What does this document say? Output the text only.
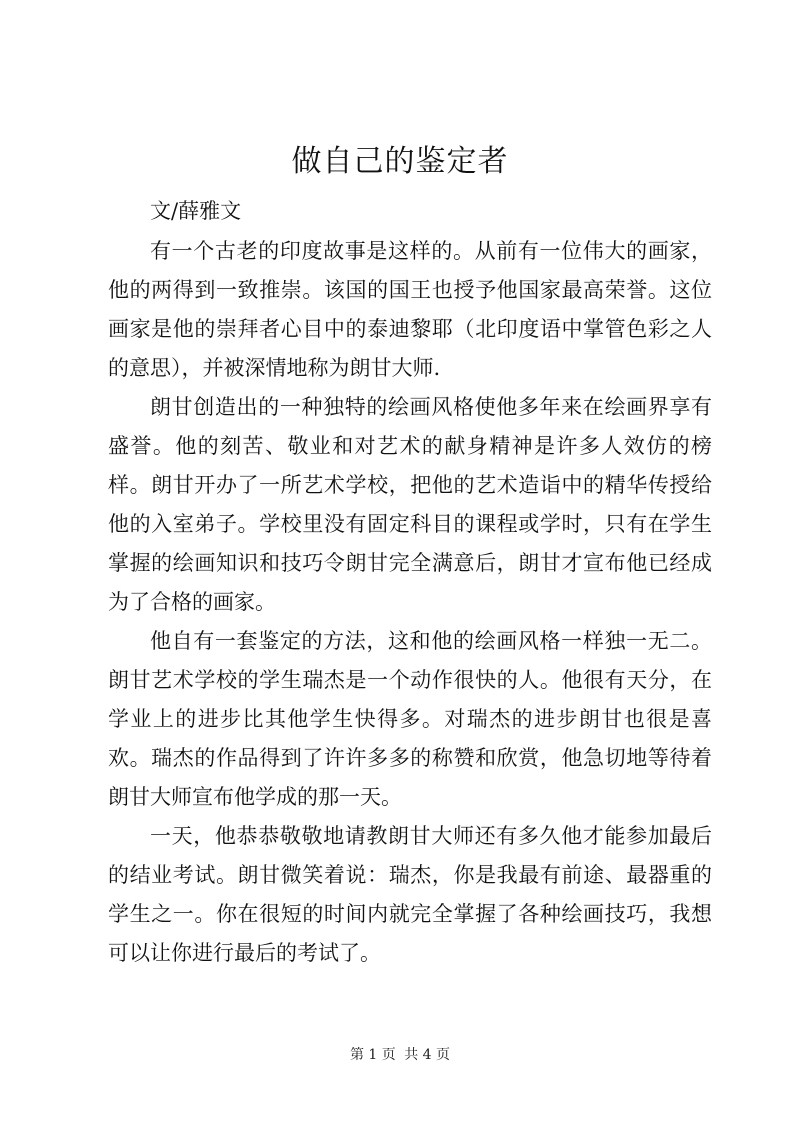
做自己的鉴定者

文/薛雅文

有一个古老的印度故事是这样的。从前有一位伟大的画家，他的两得到一致推崇。该国的国王也授予他国家最高荣誉。这位画家是他的崇拜者心目中的泰迪黎耶（北印度语中掌管色彩之人的意思），并被深情地称为朗甘大师.

朗甘创造出的一种独特的绘画风格使他多年来在绘画界享有盛誉。他的刻苦、敬业和对艺术的献身精神是许多人效仿的榜样。朗甘开办了一所艺术学校，把他的艺术造诣中的精华传授给他的入室弟子。学校里没有固定科目的课程或学时，只有在学生掌握的绘画知识和技巧令朗甘完全满意后，朗甘才宣布他已经成为了合格的画家。

他自有一套鉴定的方法，这和他的绘画风格一样独一无二。朗甘艺术学校的学生瑞杰是一个动作很快的人。他很有天分，在学业上的进步比其他学生快得多。对瑞杰的进步朗甘也很是喜欢。瑞杰的作品得到了许许多多的称赞和欣赏，他急切地等待着朗甘大师宣布他学成的那一天。

一天，他恭恭敬敬地请教朗甘大师还有多久他才能参加最后的结业考试。朗甘微笑着说：瑞杰，你是我最有前途、最器重的学生之一。你在很短的时间内就完全掌握了各种绘画技巧，我想可以让你进行最后的考试了。

第 1 页 共 4 页
